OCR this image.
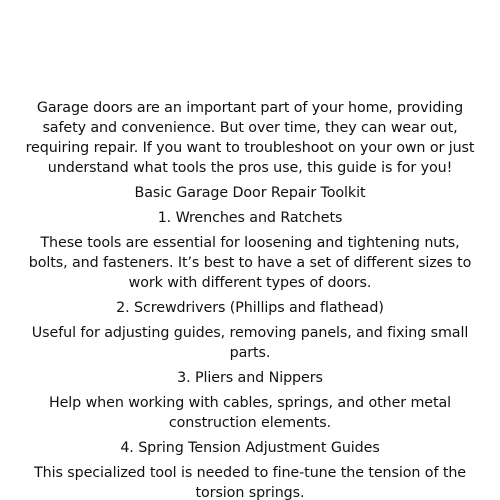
Garage doors are an important part of your home, providing safety and convenience. But over time, they can wear out, requiring repair. If you want to troubleshoot on your own or just understand what tools the pros use, this guide is for you!

Basic Garage Door Repair Toolkit
1. Wrenches and Ratchets

These tools are essential for loosening and tightening nuts, bolts, and fasteners. It’s best to have a set of different sizes to work with different types of doors.

2. Screwdrivers (Phillips and flathead)

Useful for adjusting guides, removing panels, and fixing small parts.

3. Pliers and Nippers

Help when working with cables, springs, and other metal construction elements.

4. Spring Tension Adjustment Guides

This specialized tool is needed to fine-tune the tension of the torsion springs.
